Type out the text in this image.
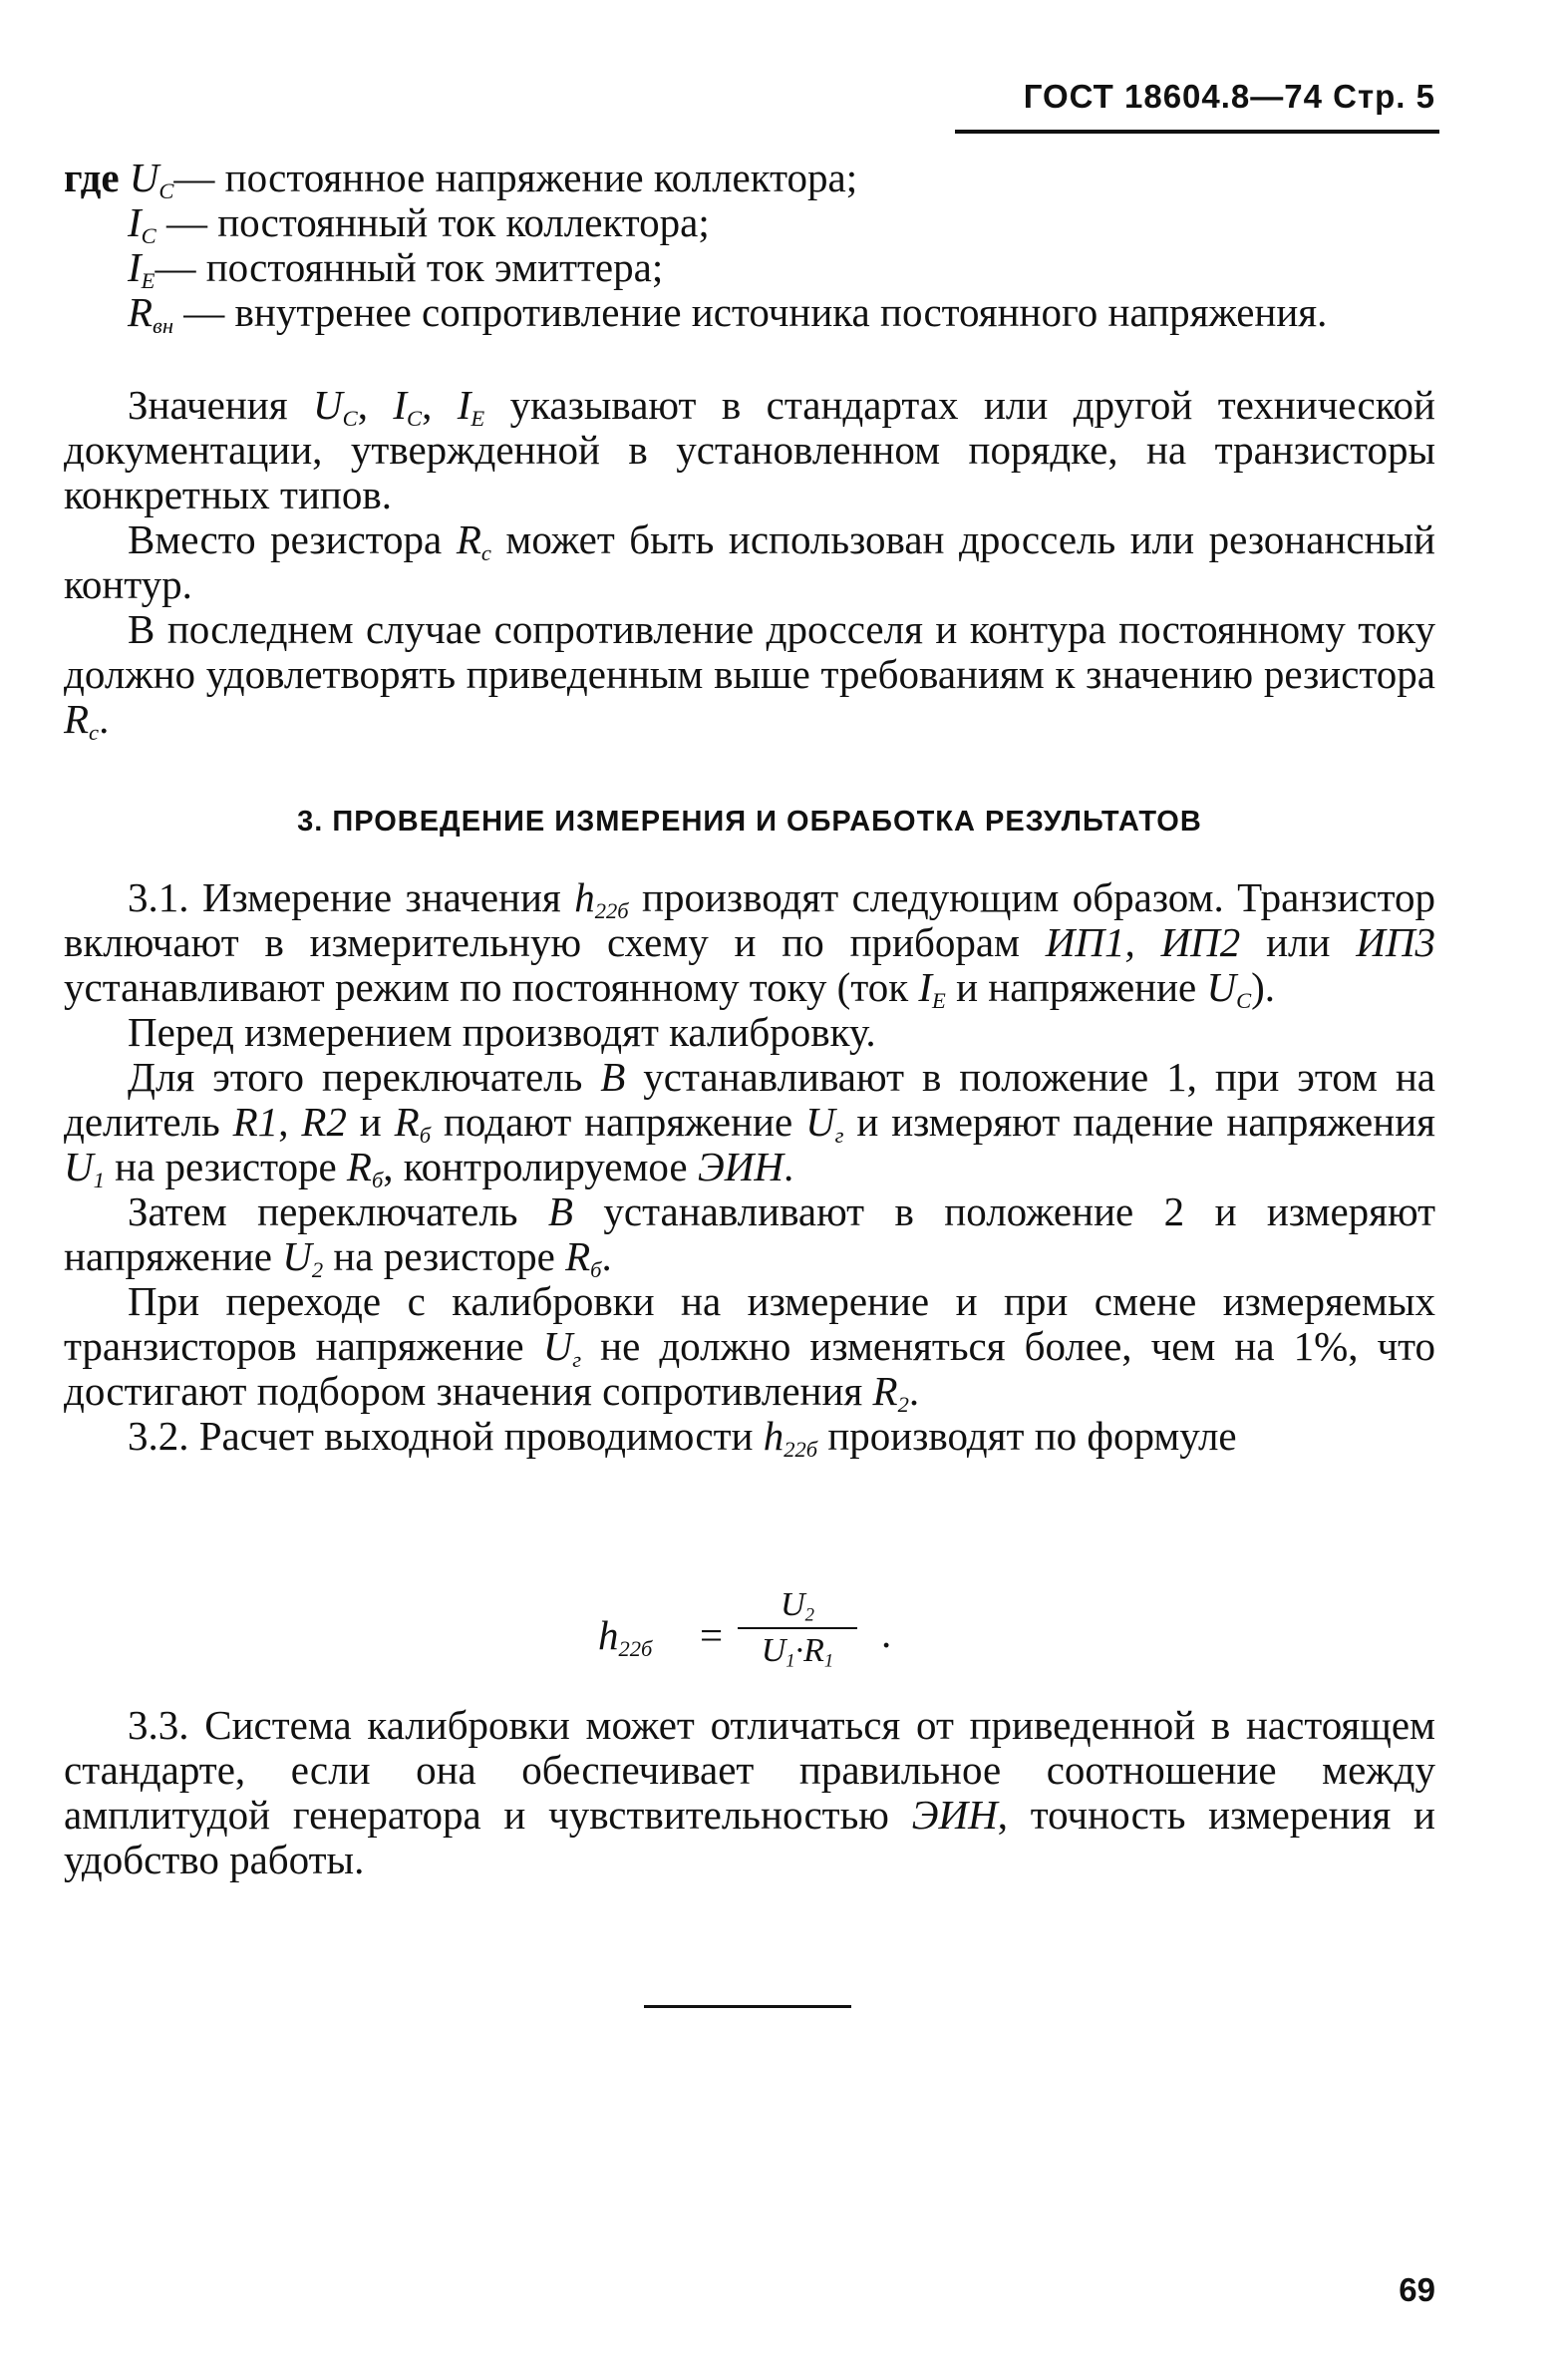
ГОСТ 18604.8—74 Стр. 5
где
$U_C$ — постоянное напряжение коллектора;
$I_C$
— постоянный ток коллектора;
$I_E$ — постоянный ток эмиттера;
$R_{вн}$
— внутренее сопротивление источника постоянного напряжения.

Значения $U_C$, $I_C$, $I_E$ указывают в стандартах или другой технической документации, утвержденной в установленном порядке, на транзисторы конкретных типов.

Вместо резистора $R_c$ может быть использован дроссель или резонансный контур.

В последнем случае сопротивление дросселя и контура постоянному току должно удовлетворять приведенным выше требованиям к значению резистора $R_c$.

3. ПРОВЕДЕНИЕ ИЗМЕРЕНИЯ И ОБРАБОТКА РЕЗУЛЬТАТОВ

3.1. Измерение значения $h_{22б}$ производят следующим образом. Транзистор включают в измерительную схему и по приборам ИП1, ИП2 или ИП3 устанавливают режим по постоянному току (ток $I_E$ и напряжение $U_C$).

Перед измерением производят калибровку.

Для этого переключатель B устанавливают в положение 1, при этом на делитель R1, R2 и $R_б$ подают напряжение $U_г$ и измеряют падение напряжения $U_1$ на резисторе $R_б$, контролируемое ЭИН.

Затем переключатель B устанавливают в положение 2 и измеряют напряжение $U_2$ на резисторе $R_б$.

При переходе с калибровки на измерение и при смене измеряемых транзисторов напряжение $U_г$ не должно изменяться более, чем на 1%, что достигают подбором значения сопротивления $R_2$.

3.2. Расчет выходной проводимости $h_{22б}$ производят по формуле

$h_{22б}$ =
$U_2$
$U_1\cdot R_1$
.

3.3. Система калибровки может отличаться от приведенной в настоящем стандарте, если она обеспечивает правильное соотношение между амплитудой генератора и чувствительностью ЭИН, точность измерения и удобство работы.

69
